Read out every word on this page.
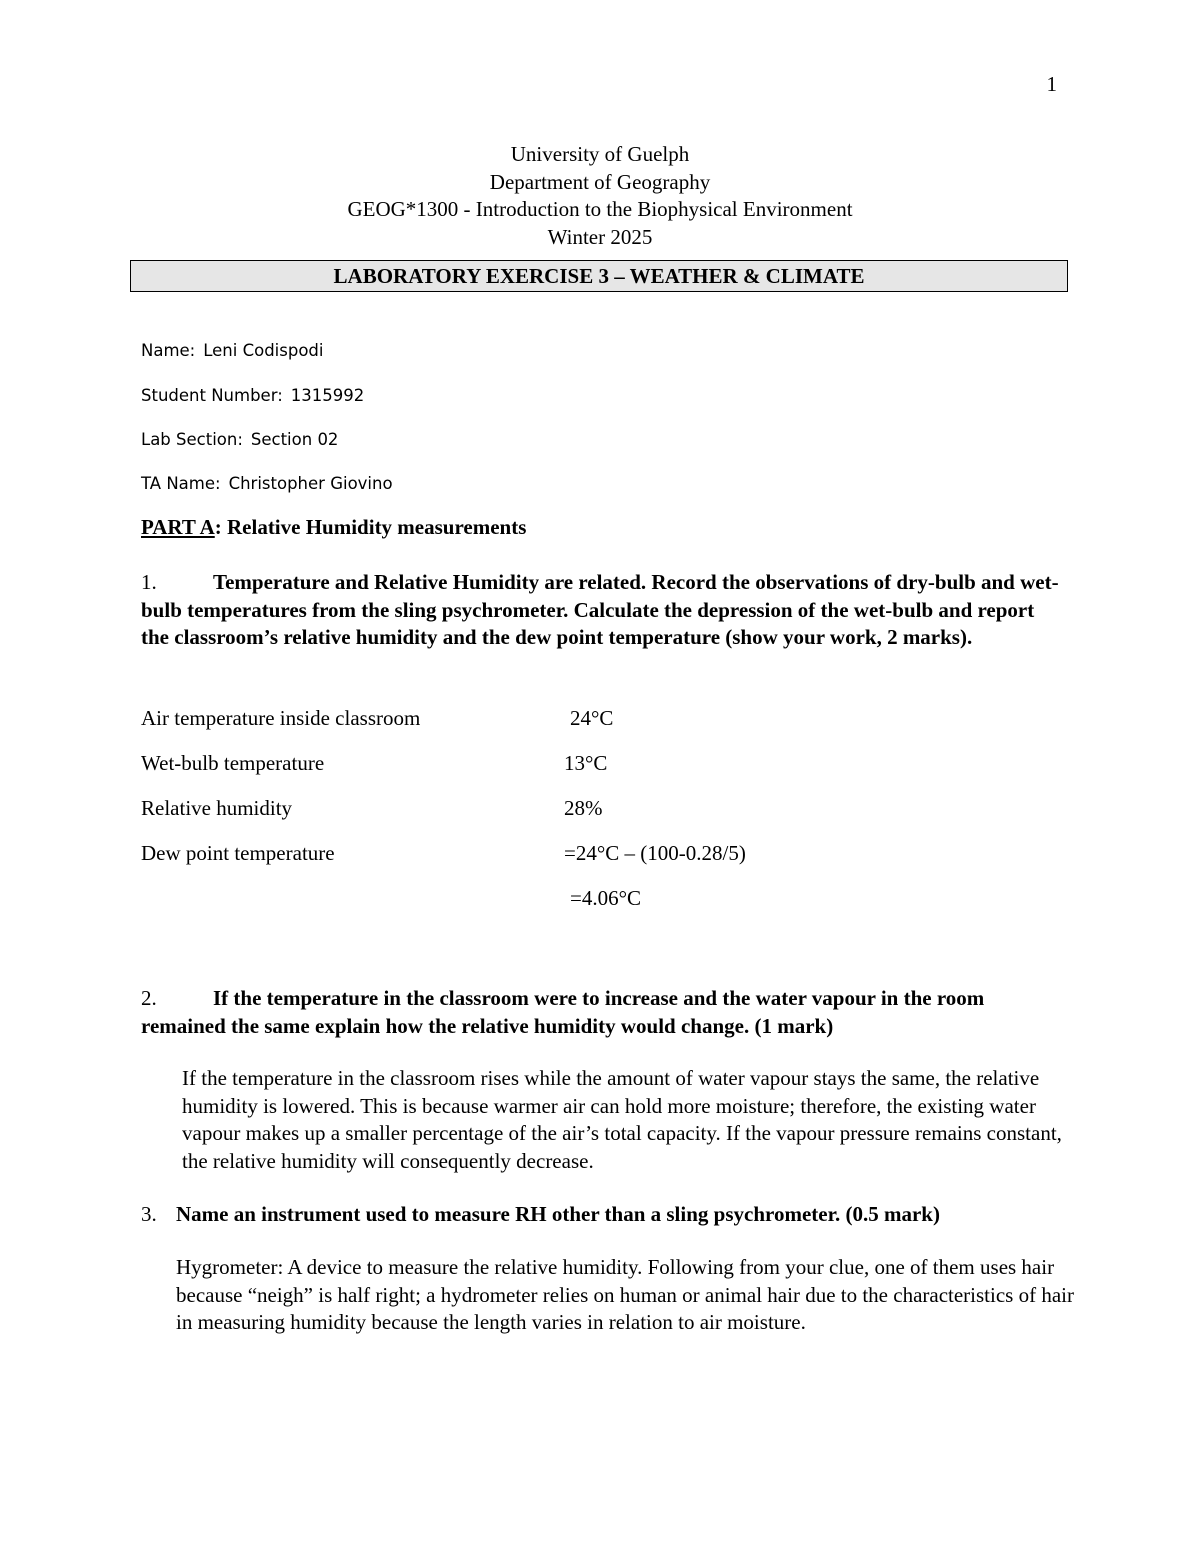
1
University of Guelph
Department of Geography
GEOG*1300 - Introduction to the Biophysical Environment
Winter 2025
LABORATORY EXERCISE 3 – WEATHER & CLIMATE
Name: Leni Codispodi
Student Number: 1315992
Lab Section: Section 02
TA Name: Christopher Giovino
PART A: Relative Humidity measurements
1.	Temperature and Relative Humidity are related. Record the observations of dry-bulb and wet-bulb temperatures from the sling psychrometer. Calculate the depression of the wet-bulb and report the classroom’s relative humidity and the dew point temperature (show your work, 2 marks).
Air temperature inside classroom	24°C
Wet-bulb temperature	13°C
Relative humidity	28%
Dew point temperature	=24°C – (100-0.28/5)
=4.06°C
2.	If the temperature in the classroom were to increase and the water vapour in the room remained the same explain how the relative humidity would change. (1 mark)
If the temperature in the classroom rises while the amount of water vapour stays the same, the relative humidity is lowered. This is because warmer air can hold more moisture; therefore, the existing water vapour makes up a smaller percentage of the air’s total capacity. If the vapour pressure remains constant, the relative humidity will consequently decrease.
3. Name an instrument used to measure RH other than a sling psychrometer. (0.5 mark)
Hygrometer: A device to measure the relative humidity. Following from your clue, one of them uses hair because “neigh” is half right; a hydrometer relies on human or animal hair due to the characteristics of hair in measuring humidity because the length varies in relation to air moisture.
